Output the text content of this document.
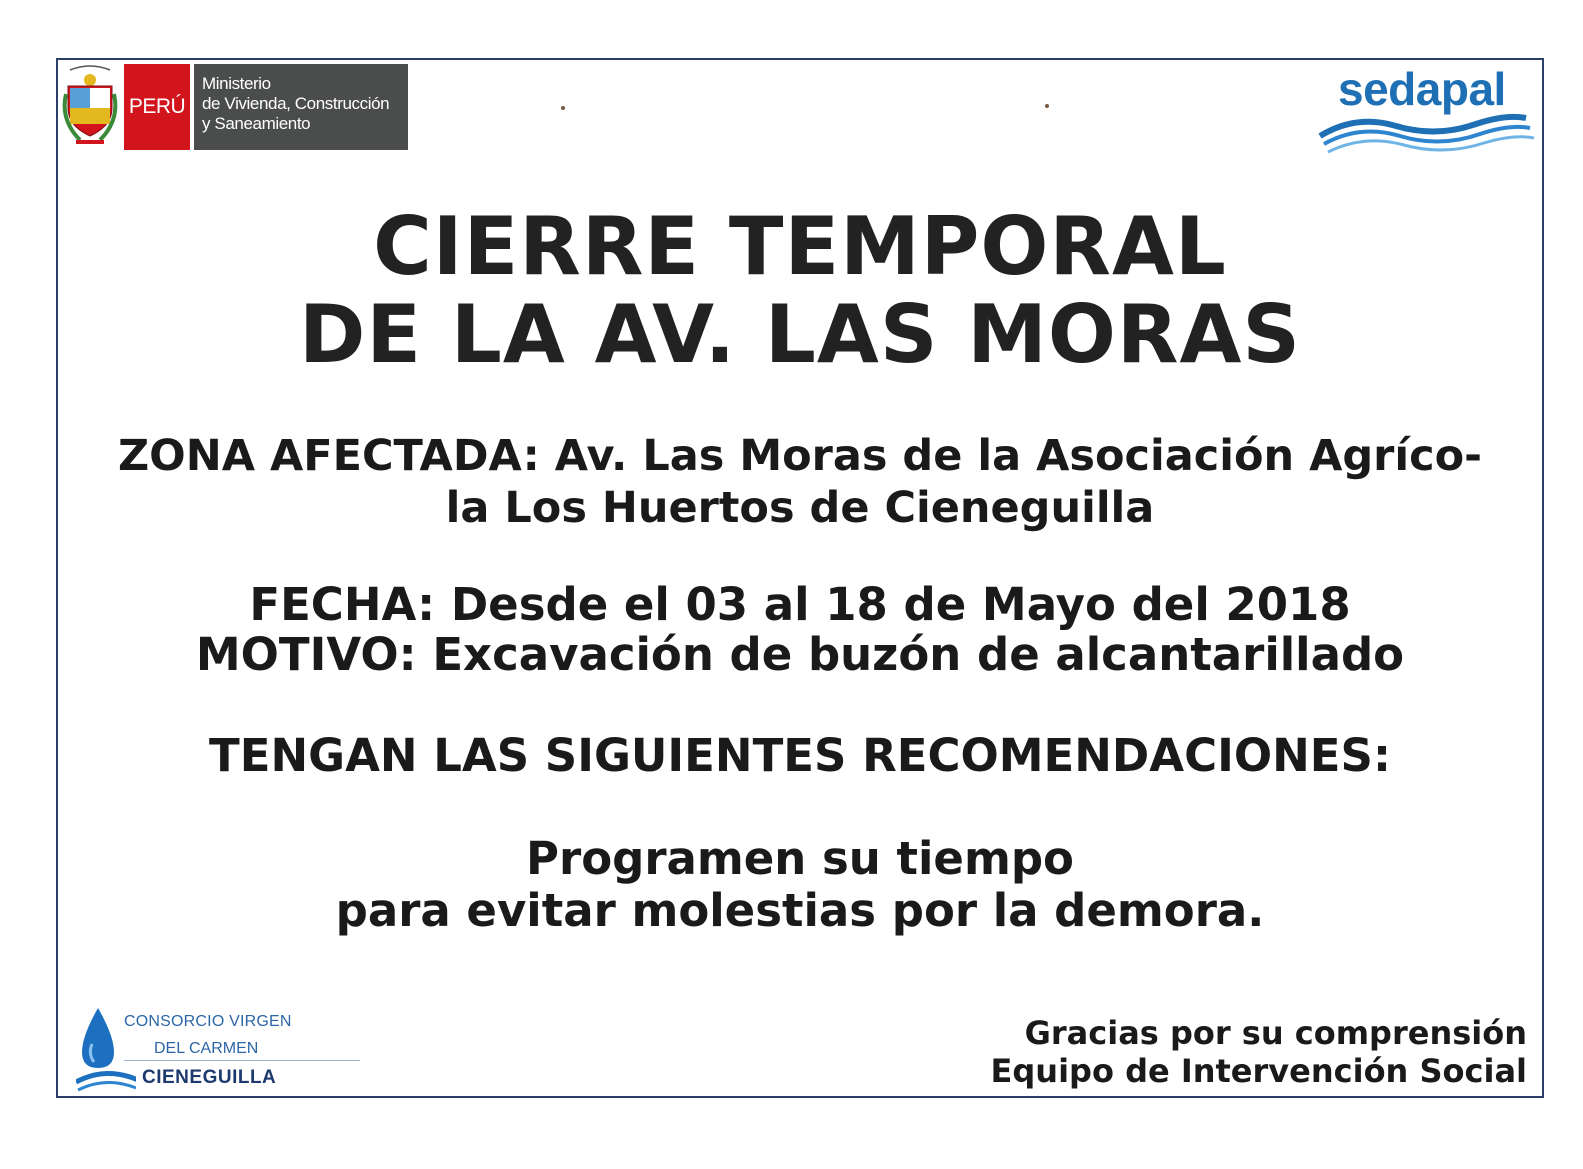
PERÚ
Ministerio
de Vivienda, Construcción
y Saneamiento
sedapal
CIERRE TEMPORAL
DE LA AV. LAS MORAS
ZONA AFECTADA: Av. Las Moras de la Asociación Agríco-
la Los Huertos de Cieneguilla
FECHA: Desde el 03 al 18 de Mayo del 2018
MOTIVO: Excavación de buzón de alcantarillado
TENGAN LAS SIGUIENTES RECOMENDACIONES:
Programen su tiempo
para evitar molestias por la demora.
CONSORCIO VIRGEN
DEL CARMEN
CIENEGUILLA
Gracias por su comprensión
Equipo de Intervención Social
